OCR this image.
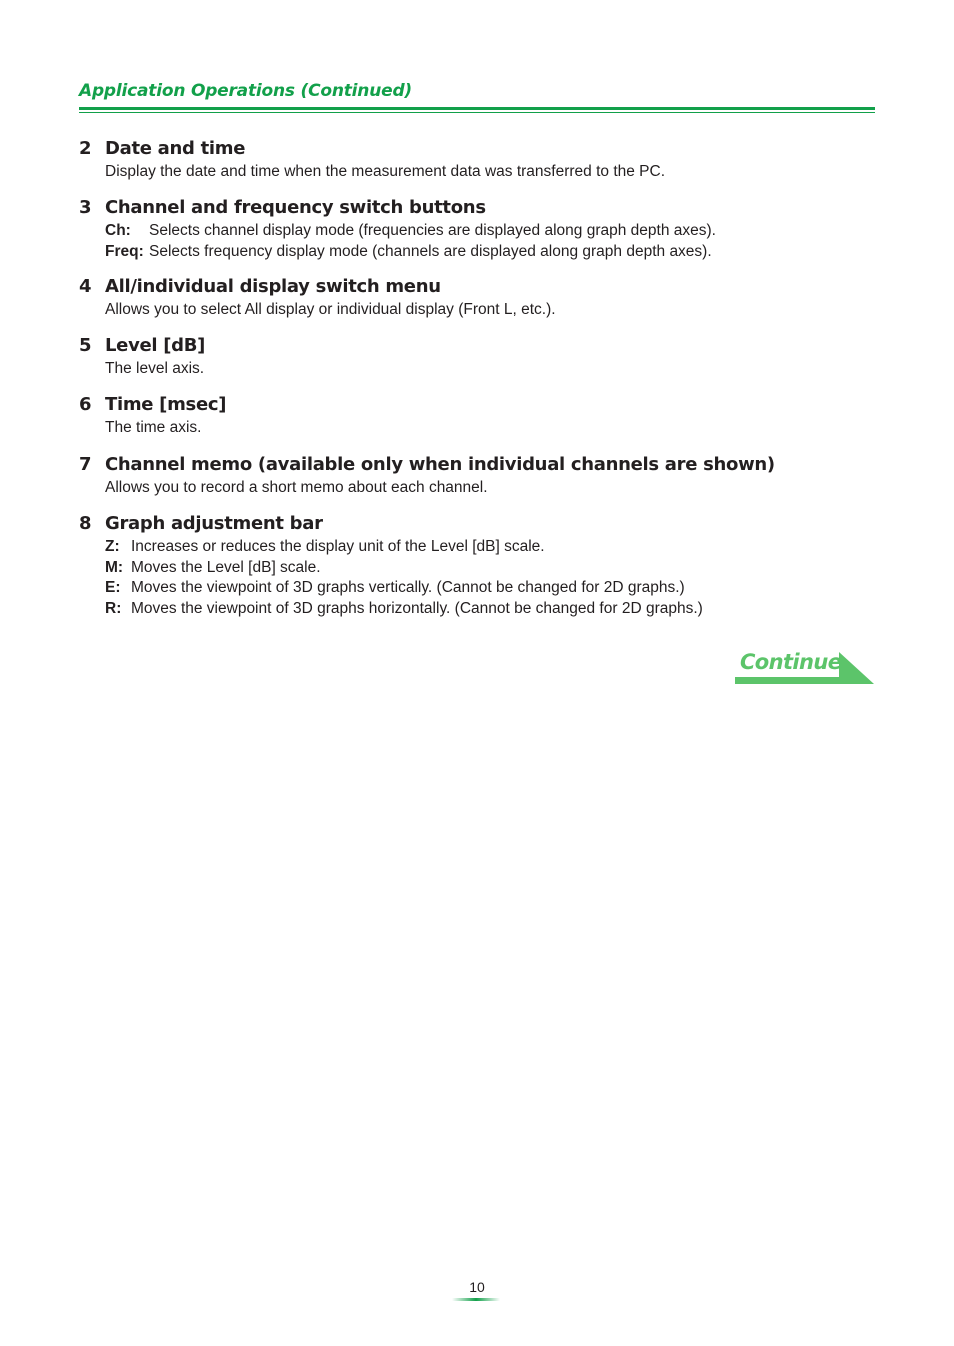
Application Operations (Continued)
2 Date and time
Display the date and time when the measurement data was transferred to the PC.
3 Channel and frequency switch buttons
Ch: Selects channel display mode (frequencies are displayed along graph depth axes).
Freq: Selects frequency display mode (channels are displayed along graph depth axes).
4 All/individual display switch menu
Allows you to select All display or individual display (Front L, etc.).
5 Level [dB]
The level axis.
6 Time [msec]
The time axis.
7 Channel memo (available only when individual channels are shown)
Allows you to record a short memo about each channel.
8 Graph adjustment bar
Z: Increases or reduces the display unit of the Level [dB] scale.
M: Moves the Level [dB] scale.
E: Moves the viewpoint of 3D graphs vertically. (Cannot be changed for 2D graphs.)
R: Moves the viewpoint of 3D graphs horizontally. (Cannot be changed for 2D graphs.)
Continue
10
